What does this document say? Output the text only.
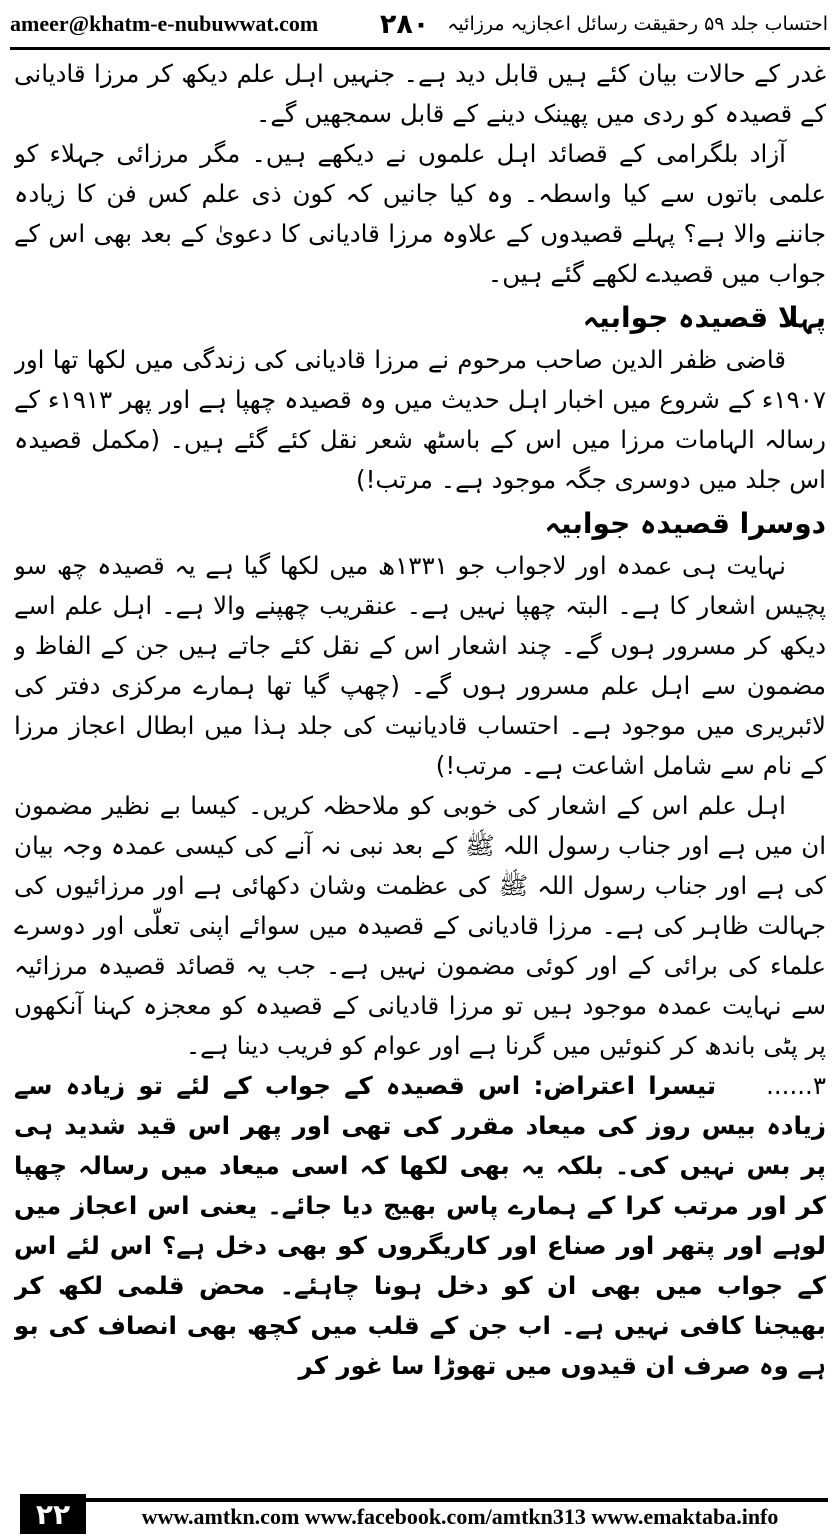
ameer@khatm-e-nubuwwat.com ۲۸۰ احتساب جلد ۵۹ رحقیقت رسائل اعجازیہ مرزائیہ

غدر کے حالات بیان کئے ہیں قابل دید ہے۔ جنہیں اہل علم دیکھ کر مرزا قادیانی کے قصیدہ کو ردی میں پھینک دینے کے قابل سمجھیں گے۔

آزاد بلگرامی کے قصائد اہل علموں نے دیکھے ہیں۔ مگر مرزائی جہلاء کو علمی باتوں سے کیا واسطہ۔ وہ کیا جانیں کہ کون ذی علم کس فن کا زیادہ جاننے والا ہے؟ پہلے قصیدوں کے علاوہ مرزا قادیانی کا دعویٰ کے بعد بھی اس کے جواب میں قصیدے لکھے گئے ہیں۔

پہلا قصیدہ جوابیہ

قاضی ظفر الدین صاحب مرحوم نے مرزا قادیانی کی زندگی میں لکھا تھا اور ۱۹۰۷ء کے شروع میں اخبار اہل حدیث میں وہ قصیدہ چھپا ہے اور پھر ۱۹۱۳ء کے رسالہ الہامات مرزا میں اس کے باسٹھ شعر نقل کئے گئے ہیں۔ (مکمل قصیدہ اس جلد میں دوسری جگہ موجود ہے۔ مرتب!)

دوسرا قصیدہ جوابیہ

نہایت ہی عمدہ اور لاجواب جو ۱۳۳۱ھ میں لکھا گیا ہے یہ قصیدہ چھ سو پچیس اشعار کا ہے۔ البتہ چھپا نہیں ہے۔ عنقریب چھپنے والا ہے۔ اہل علم اسے دیکھ کر مسرور ہوں گے۔ چند اشعار اس کے نقل کئے جاتے ہیں جن کے الفاظ و مضمون سے اہل علم مسرور ہوں گے۔ (چھپ گیا تھا ہمارے مرکزی دفتر کی لائبریری میں موجود ہے۔ احتساب قادیانیت کی جلد ہذا میں ابطال اعجاز مرزا کے نام سے شامل اشاعت ہے۔ مرتب!)

اہل علم اس کے اشعار کی خوبی کو ملاحظہ کریں۔ کیسا بے نظیر مضمون ان میں ہے اور جناب رسول اللہ ﷺ کے بعد نبی نہ آنے کی کیسی عمدہ وجہ بیان کی ہے اور جناب رسول اللہ ﷺ کی عظمت وشان دکھائی ہے اور مرزائیوں کی جہالت ظاہر کی ہے۔ مرزا قادیانی کے قصیدہ میں سوائے اپنی تعلّی اور دوسرے علماء کی برائی کے اور کوئی مضمون نہیں ہے۔ جب یہ قصائد قصیدہ مرزائیہ سے نہایت عمدہ موجود ہیں تو مرزا قادیانی کے قصیدہ کو معجزہ کہنا آنکھوں پر پٹی باندھ کر کنوئیں میں گرنا ہے اور عوام کو فریب دینا ہے۔

۳......    تیسرا اعتراض: اس قصیدہ کے جواب کے لئے تو زیادہ سے زیادہ بیس روز کی میعاد مقرر کی تھی اور پھر اس قید شدید ہی پر بس نہیں کی۔ بلکہ یہ بھی لکھا کہ اسی میعاد میں رسالہ چھپا کر اور مرتب کرا کے ہمارے پاس بھیج دیا جائے۔ یعنی اس اعجاز میں لوہے اور پتھر اور صناع اور کاریگروں کو بھی دخل ہے؟ اس لئے اس کے جواب میں بھی ان کو دخل ہونا چاہئے۔ محض قلمی لکھ کر بھیجنا کافی نہیں ہے۔ اب جن کے قلب میں کچھ بھی انصاف کی بو ہے وہ صرف ان قیدوں میں تھوڑا سا غور کر

۲۲	www.amtkn.com www.facebook.com/amtkn313 www.emaktaba.info
